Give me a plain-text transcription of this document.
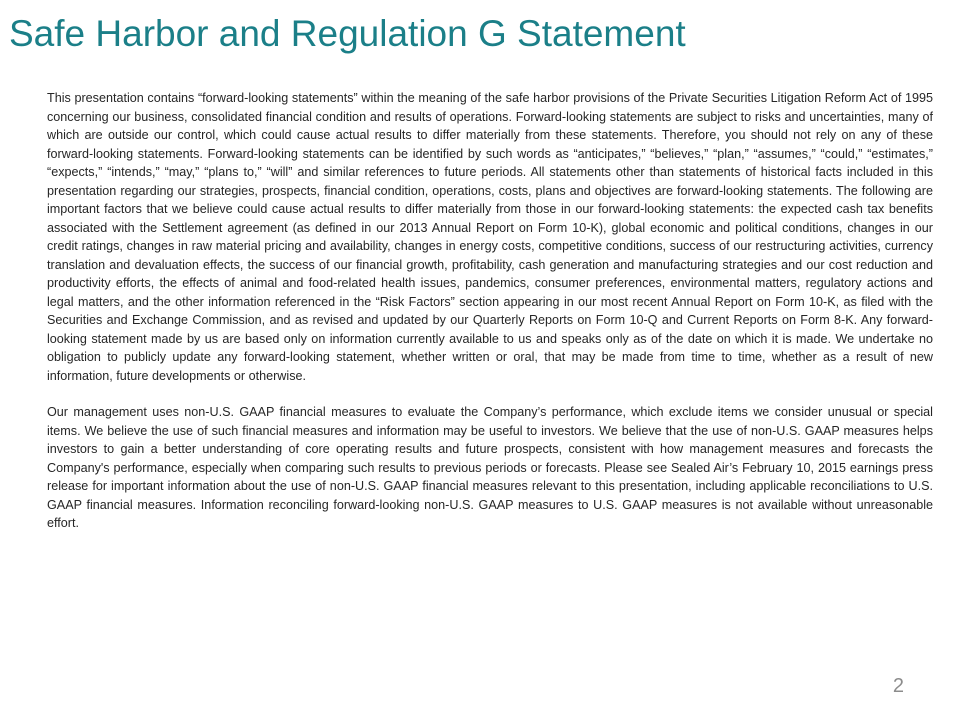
Safe Harbor and Regulation G Statement

This presentation contains “forward-looking statements” within the meaning of the safe harbor provisions of the Private Securities Litigation Reform Act of 1995 concerning our business, consolidated financial condition and results of operations. Forward-looking statements are subject to risks and uncertainties, many of which are outside our control, which could cause actual results to differ materially from these statements. Therefore, you should not rely on any of these forward-looking statements. Forward-looking statements can be identified by such words as “anticipates,” “believes,” “plan,” “assumes,” “could,” “estimates,” “expects,” “intends,” “may,” “plans to,” “will” and similar references to future periods. All statements other than statements of historical facts included in this presentation regarding our strategies, prospects, financial condition, operations, costs, plans and objectives are forward-looking statements. The following are important factors that we believe could cause actual results to differ materially from those in our forward-looking statements: the expected cash tax benefits associated with the Settlement agreement (as defined in our 2013 Annual Report on Form 10-K), global economic and political conditions, changes in our credit ratings, changes in raw material pricing and availability, changes in energy costs, competitive conditions, success of our restructuring activities, currency translation and devaluation effects, the success of our financial growth, profitability, cash generation and manufacturing strategies and our cost reduction and productivity efforts, the effects of animal and food-related health issues, pandemics, consumer preferences, environmental matters, regulatory actions and legal matters, and the other information referenced in the “Risk Factors” section appearing in our most recent Annual Report on Form 10-K, as filed with the Securities and Exchange Commission, and as revised and updated by our Quarterly Reports on Form 10-Q and Current Reports on Form 8-K. Any forward-looking statement made by us are based only on information currently available to us and speaks only as of the date on which it is made. We undertake no obligation to publicly update any forward-looking statement, whether written or oral, that may be made from time to time, whether as a result of new information, future developments or otherwise.

Our management uses non-U.S. GAAP financial measures to evaluate the Company’s performance, which exclude items we consider unusual or special items. We believe the use of such financial measures and information may be useful to investors. We believe that the use of non-U.S. GAAP measures helps investors to gain a better understanding of core operating results and future prospects, consistent with how management measures and forecasts the Company's performance, especially when comparing such results to previous periods or forecasts. Please see Sealed Air’s February 10, 2015 earnings press release for important information about the use of non-U.S. GAAP financial measures relevant to this presentation, including applicable reconciliations to U.S. GAAP financial measures. Information reconciling forward-looking non-U.S. GAAP measures to U.S. GAAP measures is not available without unreasonable effort.

2
